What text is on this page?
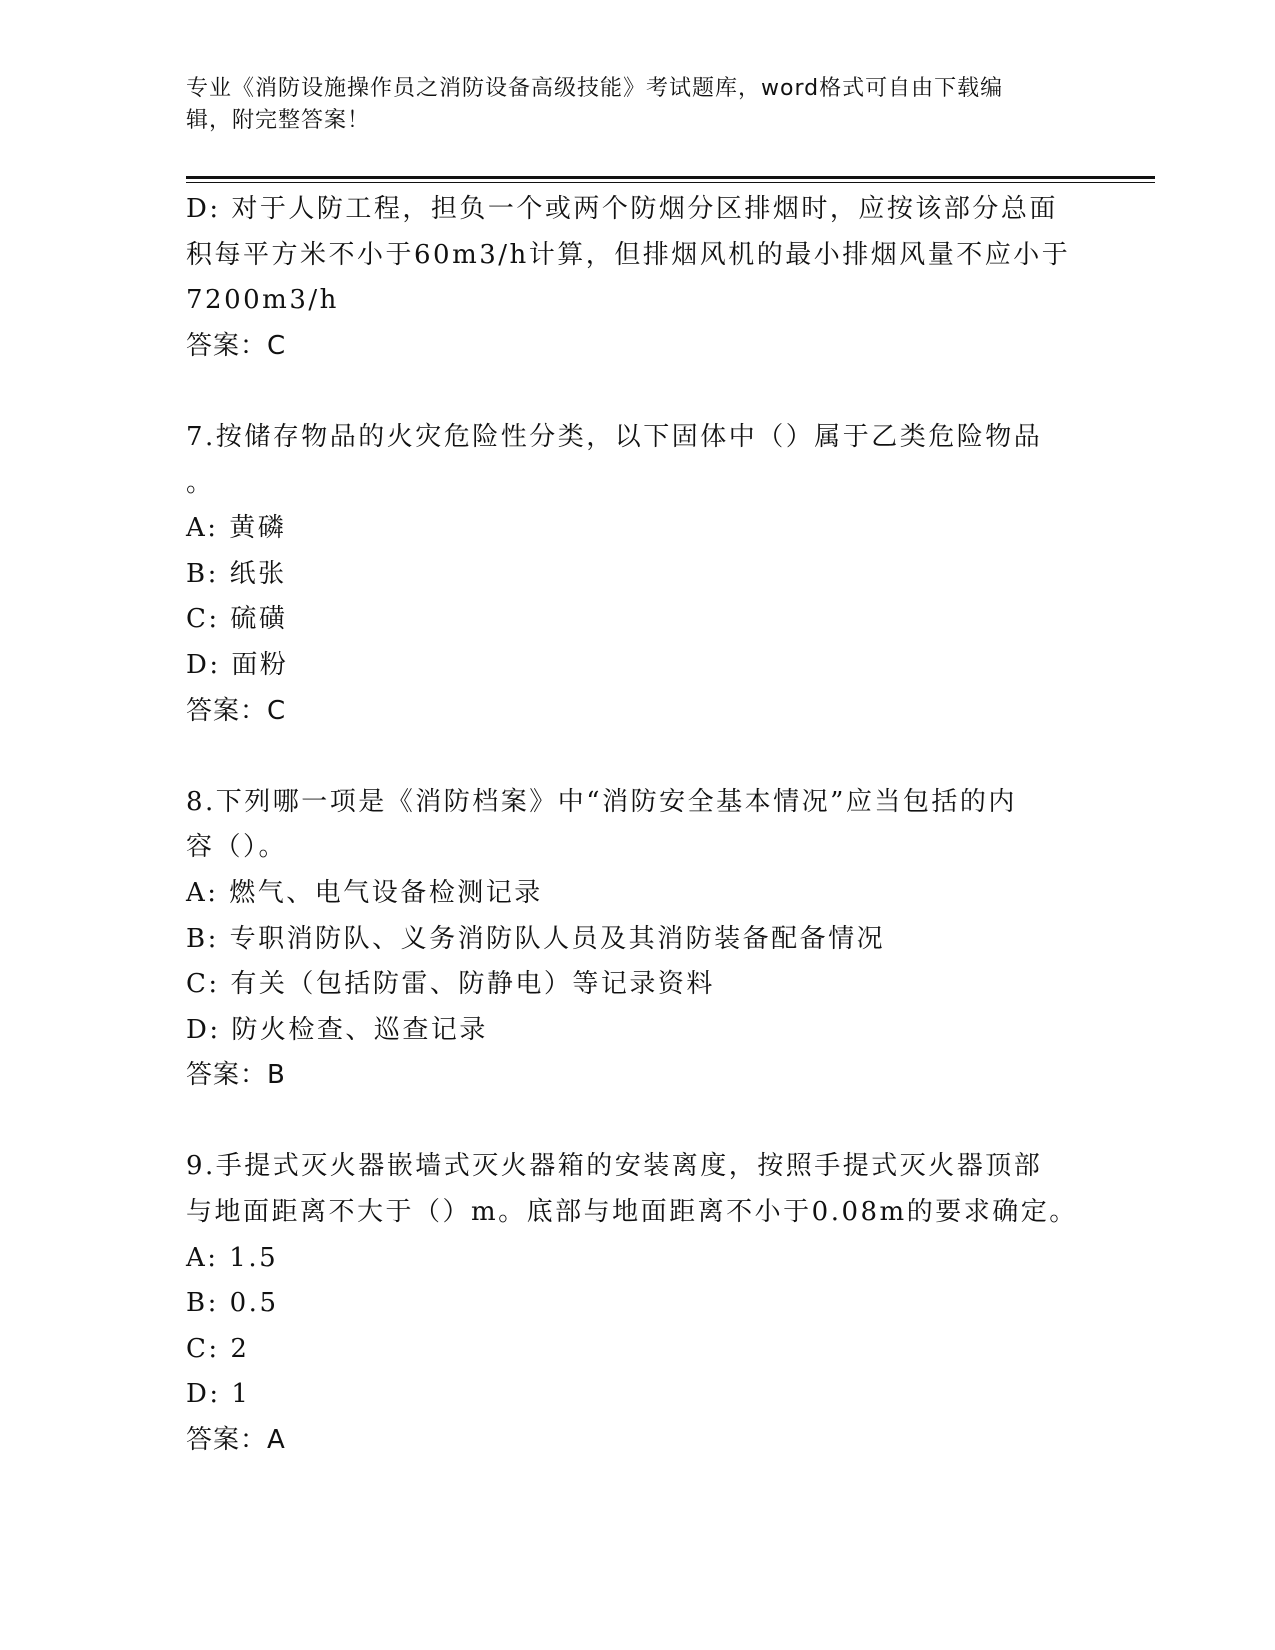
专业《消防设施操作员之消防设备高级技能》考试题库，word格式可自由下载编
辑，附完整答案！
D: 对于人防工程，担负一个或两个防烟分区排烟时，应按该部分总面
积每平方米不小于60m3/h计算，但排烟风机的最小排烟风量不应小于
7200m3/h
答案：C
7.按储存物品的火灾危险性分类，以下固体中（）属于乙类危险物品
。
A: 黄磷
B: 纸张
C: 硫磺
D: 面粉
答案：C
8.下列哪一项是《消防档案》中“消防安全基本情况”应当包括的内
容（）。
A: 燃气、电气设备检测记录
B: 专职消防队、义务消防队人员及其消防装备配备情况
C: 有关（包括防雷、防静电）等记录资料
D: 防火检查、巡查记录
答案：B
9.手提式灭火器嵌墙式灭火器箱的安装离度，按照手提式灭火器顶部
与地面距离不大于（）m。底部与地面距离不小于0.08m的要求确定。
A: 1.5
B: 0.5
C: 2
D: 1
答案：A
